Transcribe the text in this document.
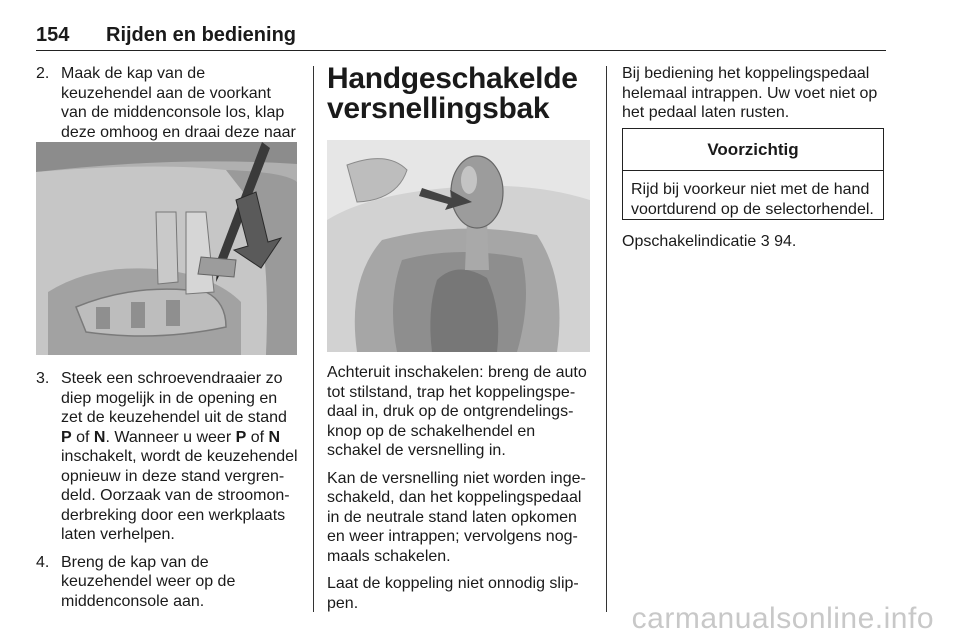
154 Rijden en bediening
2. Maak de kap van de keuzehendel aan de voorkant van de middenconsole los, klap deze omhoog en draai deze naar
3. Steek een schroevendraaier zo diep mogelijk in de opening en zet de keuzehendel uit de stand P of N. Wanneer u weer P of N inschakelt, wordt de keuzehendel opnieuw in deze stand vergrendeld. Oorzaak van de stroomonderbreking door een werkplaats laten verhelpen.
4. Breng de kap van de keuzehendel weer op de middenconsole aan.
Handgeschakelde versnellingsbak

Achteruit inschakelen: breng de auto tot stilstand, trap het koppelingspedaal in, druk op de ontgrendelingsknop op de schakelhendel en schakel de versnelling in.

Kan de versnelling niet worden ingeschakeld, dan het koppelingspedaal in de neutrale stand laten opkomen en weer intrappen; vervolgens nogmaals schakelen.

Laat de koppeling niet onnodig slippen.

Bij bediening het koppelingspedaal helemaal intrappen. Uw voet niet op het pedaal laten rusten.

Voorzichtig
Rijd bij voorkeur niet met de hand voortdurend op de selectorhendel.
Opschakelindicatie 3 94.
carmanualsonline.info
